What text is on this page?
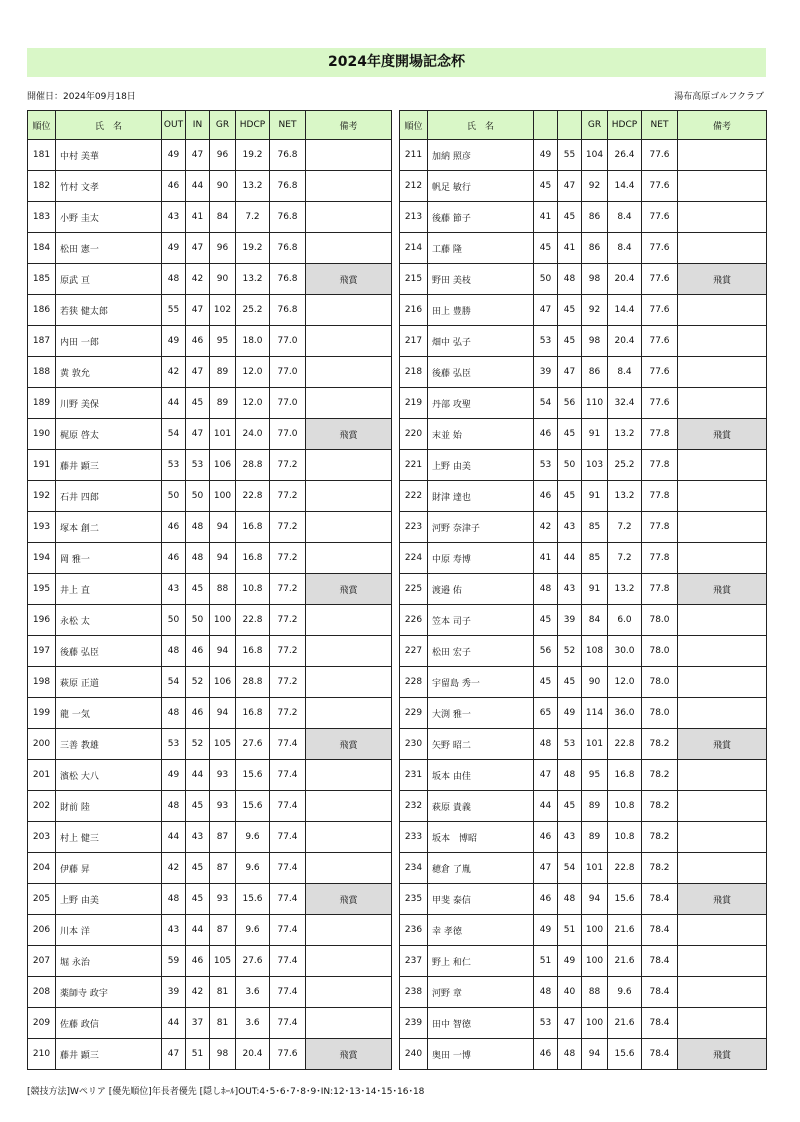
2024年度開場記念杯
開催日：2024年09月18日	湯布高原ゴルフクラブ
順位	氏　名	OUT	IN	GR	HDCP	NET	備考
181	中村 美華	49	47	96	19.2	76.8	
182	竹村 文孝	46	44	90	13.2	76.8	
183	小野 圭太	43	41	84	7.2	76.8	
184	松田 憲一	49	47	96	19.2	76.8	
185	原武 亘	48	42	90	13.2	76.8	飛賞
186	若狭 健太郎	55	47	102	25.2	76.8	
187	内田 一郎	49	46	95	18.0	77.0	
188	黄 敦允	42	47	89	12.0	77.0	
189	川野 美保	44	45	89	12.0	77.0	
190	梶原 啓太	54	47	101	24.0	77.0	飛賞
191	藤井 顕三	53	53	106	28.8	77.2	
192	石井 四郎	50	50	100	22.8	77.2	
193	塚本 創二	46	48	94	16.8	77.2	
194	岡 雅一	46	48	94	16.8	77.2	
195	井上 直	43	45	88	10.8	77.2	飛賞
196	永松 太	50	50	100	22.8	77.2	
197	後藤 弘臣	48	46	94	16.8	77.2	
198	萩原 正道	54	52	106	28.8	77.2	
199	龍 一気	48	46	94	16.8	77.2	
200	三善 教雄	53	52	105	27.6	77.4	飛賞
201	濱松 大八	49	44	93	15.6	77.4	
202	財前 陸	48	45	93	15.6	77.4	
203	村上 健三	44	43	87	9.6	77.4	
204	伊藤 昇	42	45	87	9.6	77.4	
205	上野 由美	48	45	93	15.6	77.4	飛賞
206	川本 洋	43	44	87	9.6	77.4	
207	堀 永治	59	46	105	27.6	77.4	
208	薬師寺 政宇	39	42	81	3.6	77.4	
209	佐藤 政信	44	37	81	3.6	77.4	
210	藤井 顕三	47	51	98	20.4	77.6	飛賞
順位	氏　名			GR	HDCP	NET	備考
211	加納 照彦	49	55	104	26.4	77.6	
212	帆足 敏行	45	47	92	14.4	77.6	
213	後藤 節子	41	45	86	8.4	77.6	
214	工藤 隆	45	41	86	8.4	77.6	
215	野田 美枝	50	48	98	20.4	77.6	飛賞
216	田上 豊勝	47	45	92	14.4	77.6	
217	畑中 弘子	53	45	98	20.4	77.6	
218	後藤 弘臣	39	47	86	8.4	77.6	
219	丹部 攻聖	54	56	110	32.4	77.6	
220	末並 始	46	45	91	13.2	77.8	飛賞
221	上野 由美	53	50	103	25.2	77.8	
222	財津 達也	46	45	91	13.2	77.8	
223	河野 奈津子	42	43	85	7.2	77.8	
224	中原 寿博	41	44	85	7.2	77.8	
225	渡邉 佑	48	43	91	13.2	77.8	飛賞
226	笠本 司子	45	39	84	6.0	78.0	
227	松田 宏子	56	52	108	30.0	78.0	
228	宇留島 秀一	45	45	90	12.0	78.0	
229	大渕 雅一	65	49	114	36.0	78.0	
230	矢野 昭二	48	53	101	22.8	78.2	飛賞
231	坂本 由佳	47	48	95	16.8	78.2	
232	萩原 貴義	44	45	89	10.8	78.2	
233	坂本　博昭	46	43	89	10.8	78.2	
234	穂倉 了胤	47	54	101	22.8	78.2	
235	甲斐 泰信	46	48	94	15.6	78.4	飛賞
236	幸 孝徳	49	51	100	21.6	78.4	
237	野上 和仁	51	49	100	21.6	78.4	
238	河野 章	48	40	88	9.6	78.4	
239	田中 智徳	53	47	100	21.6	78.4	
240	奥田 一博	46	48	94	15.6	78.4	飛賞
[競技方法]Wペリア [優先順位]年長者優先 [隠しﾎｰﾙ]OUT:4･5･6･7･8･9･IN:12･13･14･15･16･18
